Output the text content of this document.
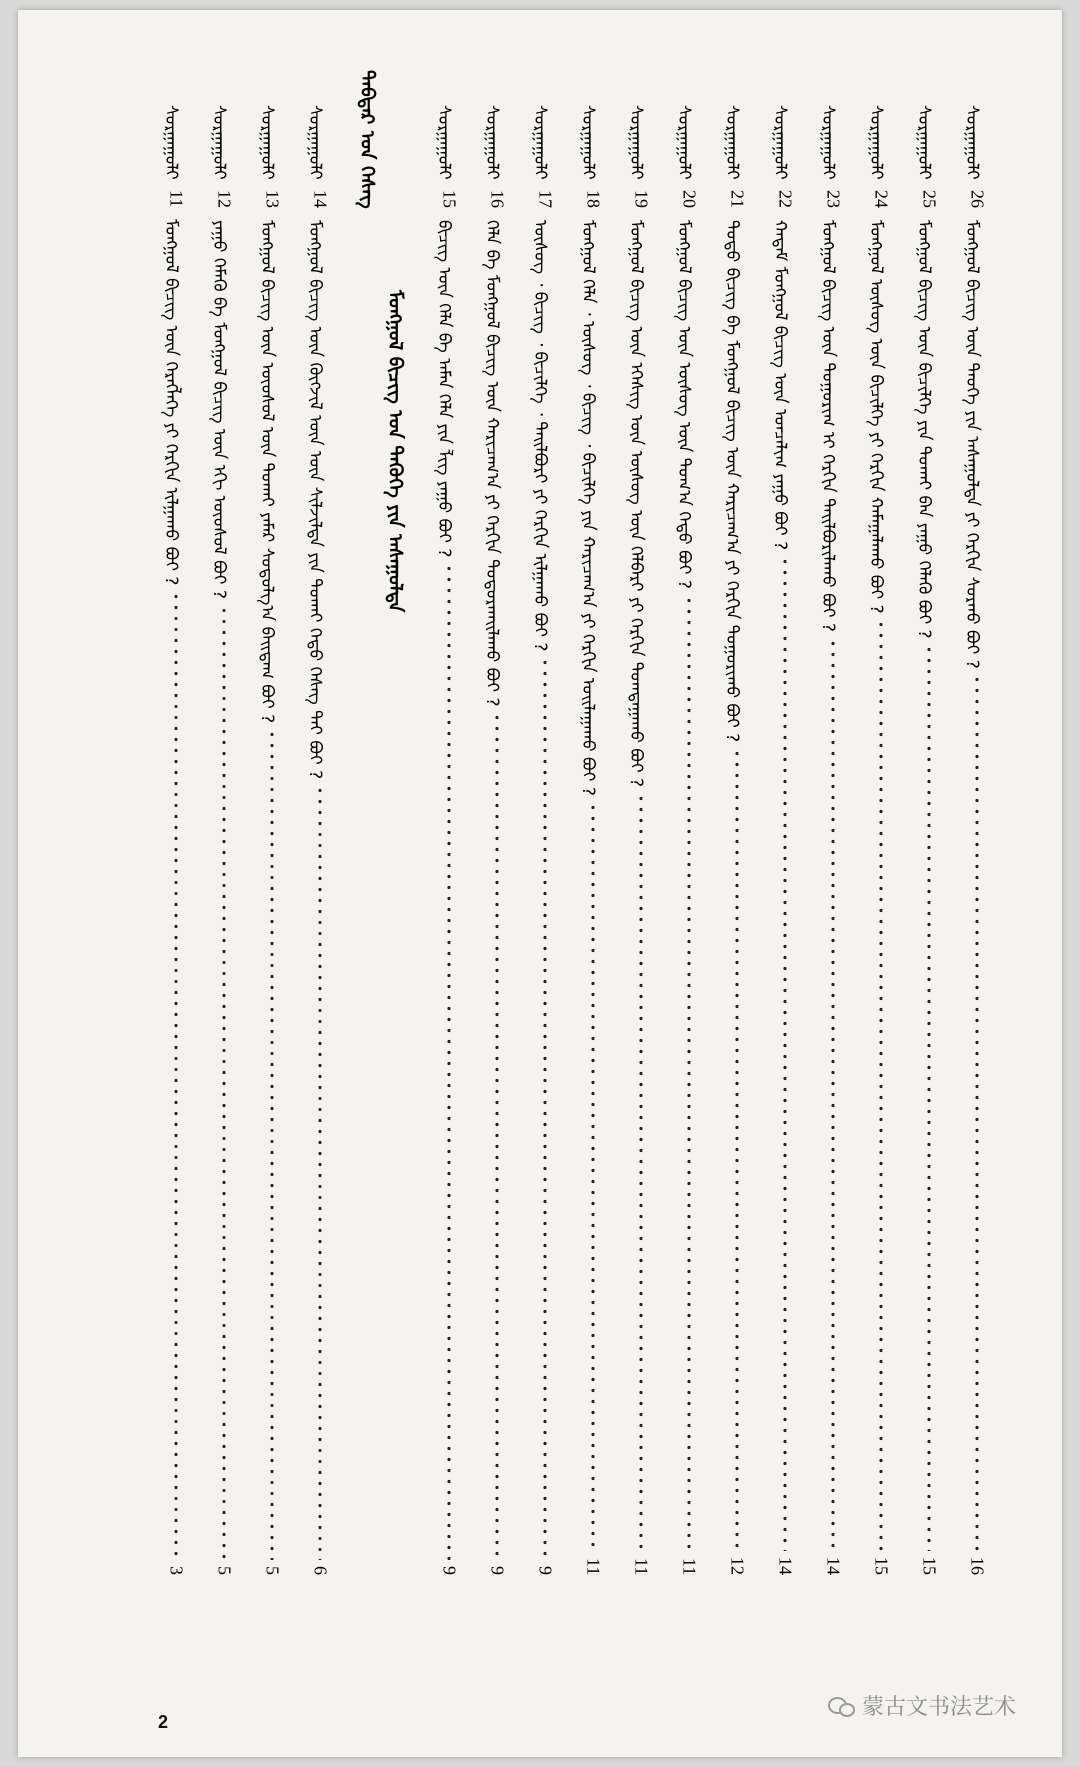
ᠰᠤᠷᠭᠠᠭᠤᠯᠢ
26
ᠮᠣᠩᠭᠣᠯ ᠪᠢᠴᠢᠭ ᠦᠨ ᠲᠡᠦᠬᠡ ᠶᠢᠨ ᠠᠰᠠᠭᠤᠯᠲᠠ ᠶᠢ ᠬᠡᠷᠬᠢᠨ ᠰᠤᠷᠬᠤ ᠪᠤᠢ ?
16
ᠰᠤᠷᠭᠠᠭᠤᠯᠢ
25
ᠮᠣᠩᠭᠣᠯ ᠪᠢᠴᠢᠭ ᠦᠨ ᠪᠢᠴᠢᠯᠭᠡ ᠶᠢᠨ ᠲᠤᠬᠠᠢ ᠪᠠᠨ ᠶᠠᠭᠤ ᠬᠡᠯᠡᠬᠦ ᠪᠤᠢ ?
15
ᠰᠤᠷᠭᠠᠭᠤᠯᠢ
24
ᠮᠣᠩᠭᠣᠯ ᠦᠰᠦᠭ ᠦᠨ ᠪᠢᠴᠢᠯᠭᠡ ᠶᠢ ᠬᠡᠷᠬᠢᠨ ᠬᠠᠮᠠᠭᠠᠯᠠᠬᠤ ᠪᠤᠢ ?
15
ᠰᠤᠷᠭᠠᠭᠤᠯᠢ
23
ᠮᠣᠩᠭᠣᠯ ᠪᠢᠴᠢᠭ ᠦᠨ ᠲᠤᠭᠤᠷᠢᠭ ᠢ ᠬᠡᠷᠬᠢᠨ ᠲᠠᠢᠯᠪᠤᠷᠢᠯᠠᠬᠤ ᠪᠤᠢ ?
14
ᠰᠤᠷᠭᠠᠭᠤᠯᠢ
22
ᠬᠠᠳᠠᠮ ᠮᠣᠩᠭᠣᠯ ᠪᠢᠴᠢᠭ ᠦᠨ ᠣᠨᠴᠠᠯᠢᠭ ᠶᠠᠭᠤ ᠪᠤᠢ ?
14
ᠰᠤᠷᠭᠠᠭᠤᠯᠢ
21
ᠲᠣᠳᠣ ᠪᠢᠴᠢᠭ ᠪᠠ ᠮᠣᠩᠭᠣᠯ ᠪᠢᠴᠢᠭ ᠦᠨ ᠬᠠᠷᠢᠴᠠᠭ᠎ᠠ ᠶᠢ ᠬᠡᠷᠬᠢᠨ ᠲᠤᠭᠤᠷᠢᠬᠤ ᠪᠤᠢ ?
12
ᠰᠤᠷᠭᠠᠭᠤᠯᠢ
20
ᠮᠣᠩᠭᠣᠯ ᠪᠢᠴᠢᠭ ᠦᠨ ᠦᠰᠦᠭ ᠦᠨ ᠲᠣᠭ᠎ᠠ ᠬᠡᠳᠦ ᠪᠤᠢ ?
11
ᠰᠤᠷᠭᠠᠭᠤᠯᠢ
19
ᠮᠣᠩᠭᠣᠯ ᠪᠢᠴᠢᠭ ᠦᠨ ᠡᠭᠡᠰᠢᠭ ᠦᠨ ᠦᠰᠦᠭ ᠦᠨ ᠬᠡᠯᠪᠡᠷᠢ ᠶᠢ ᠬᠡᠷᠬᠢᠨ ᠲᠣᠭᠲᠠᠭᠠᠬᠤ ᠪᠤᠢ ?
11
ᠰᠤᠷᠭᠠᠭᠤᠯᠢ
18
ᠮᠣᠩᠭᠣᠯ ᠬᠡᠯᠡ ᠂ ᠦᠰᠦᠭ ᠂ ᠪᠢᠴᠢᠭ ᠂ ᠪᠢᠴᠢᠯᠭᠡ ᠶᠢᠨ ᠬᠠᠷᠢᠴᠠᠭ᠎ᠠ ᠶᠢ ᠬᠡᠷᠬᠢᠨ ᠣᠢᠯᠠᠭᠠᠬᠤ ᠪᠤᠢ ?
11
ᠰᠤᠷᠭᠠᠭᠤᠯᠢ
17
ᠦᠰᠦᠭ ᠂ ᠪᠢᠴᠢᠭ ᠂ ᠪᠢᠴᠢᠯᠭᠡ ᠂ ᠲᠠᠢᠯᠪᠤᠷᠢ ᠶᠢ ᠬᠡᠷᠬᠢᠨ ᠢᠯᠭᠠᠬᠤ ᠪᠤᠢ ?
9
ᠰᠤᠷᠭᠠᠭᠤᠯᠢ
16
ᠬᠡᠯᠡ ᠪᠠ ᠮᠣᠩᠭᠣᠯ ᠪᠢᠴᠢᠭ ᠦᠨ ᠬᠠᠷᠢᠴᠠᠭ᠎ᠠ ᠶᠢ ᠬᠡᠷᠬᠢᠨ ᠲᠣᠳᠣᠷᠬᠠᠢᠯᠠᠬᠤ ᠪᠤᠢ ?
9
ᠰᠤᠷᠭᠠᠭᠤᠯᠢ
15
ᠪᠢᠴᠢᠭ ᠦᠨ ᠬᠡᠯᠡ ᠪᠠ ᠠᠮᠠᠨ ᠬᠡᠯᠡ ᠶᠢᠨ ᠯᠢᠭ ᠶᠠᠭᠤ ᠪᠤᠢ ?
9
ᠳᠡᠪᠲᠡᠷ ᠤᠨ ᠬᠡᠰᠡᠭ
ᠮᠣᠩᠭᠣᠯ ᠪᠢᠴᠢᠭ ᠤᠨ ᠲᠡᠭᠦᠬᠡ ᠶᠢᠨ ᠠᠰᠠᠭᠤᠯᠲᠠ
ᠰᠤᠷᠭᠠᠭᠤᠯᠢ
14
ᠮᠣᠩᠭᠣᠯ ᠪᠢᠴᠢᠭ ᠦᠨ ᠬᠥᠭᠵᠢᠯ ᠦᠨ ᠦᠡ ᠰᠢᠯᠵᠢᠯᠲᠡ ᠶᠢᠨ ᠲᠤᠬᠠᠢ ᠬᠡᠳᠦ ᠬᠡᠰᠡᠭ ᠲᠡᠢ ᠪᠤᠢ ?
6
ᠰᠤᠷᠭᠠᠭᠤᠯᠢ
13
ᠮᠣᠩᠭᠣᠯ ᠪᠢᠴᠢᠭ ᠦᠨ ᠦᠦᠰᠦᠯ ᠦᠨ ᠲᠤᠬᠠᠢ ᠶᠠᠮᠠᠷ ᠰᠤᠳᠤᠯᠭ᠎ᠠ ᠪᠠᠢᠳᠠᠭ ᠪᠤᠢ ?
5
ᠰᠤᠷᠭᠠᠭᠤᠯᠢ
12
ᠶᠠᠭᠤ ᠬᠡᠮᠡᠬᠦ ᠪᠠ ᠮᠣᠩᠭᠣᠯ ᠪᠢᠴᠢᠭ ᠦᠨ ᠡᠬᠢ ᠦᠦᠰᠦᠯ ᠪᠤᠢ ?
5
ᠰᠤᠷᠭᠠᠭᠤᠯᠢ
11
ᠮᠣᠩᠭᠣᠯ ᠪᠢᠴᠢᠭ ᠦᠨ ᠬᠡᠷᠡᠭᠯᠡᠭᠡ ᠶᠢ ᠬᠡᠷᠬᠢᠨ ᠢᠯᠭᠠᠬᠤ ᠪᠤᠢ ?
3
2
蒙古文书法艺术
